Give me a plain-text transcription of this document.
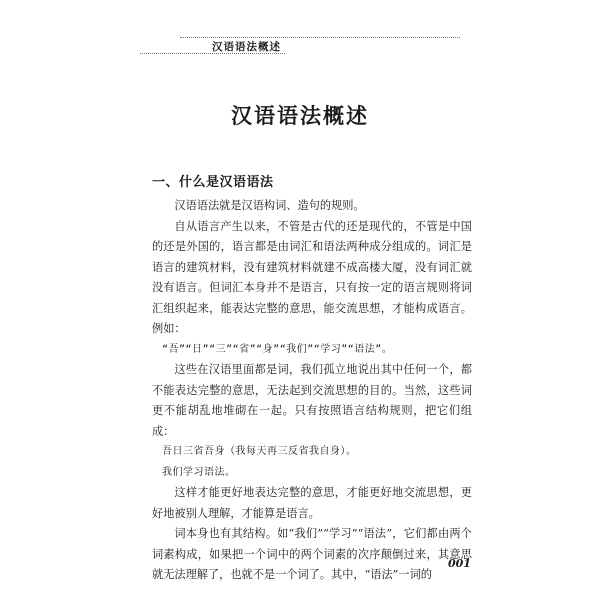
汉语语法概述
汉语语法概述
一、什么是汉语语法

汉语语法就是汉语构词、造句的规则。

自从语言产生以来，不管是古代的还是现代的，不管是中国的还是外国的，语言都是由词汇和语法两种成分组成的。词汇是语言的建筑材料，没有建筑材料就建不成高楼大厦，没有词汇就没有语言。但词汇本身并不是语言，只有按一定的语言规则将词汇组织起来，能表达完整的意思，能交流思想，才能构成语言。例如：

“吾”“日”“三”“省”“身”“我们”“学习”“语法”。

这些在汉语里面都是词，我们孤立地说出其中任何一个，都不能表达完整的意思，无法起到交流思想的目的。当然，这些词更不能胡乱地堆砌在一起。只有按照语言结构规则，把它们组成：

吾日三省吾身（我每天再三反省我自身）。

我们学习语法。

这样才能更好地表达完整的意思，才能更好地交流思想，更好地被别人理解，才能算是语言。

词本身也有其结构。如“我们”“学习”“语法”，它们都由两个词素构成，如果把一个词中的两个词素的次序颠倒过来，其意思就无法理解了，也就不是一个词了。其中，“语法”一词的

001
